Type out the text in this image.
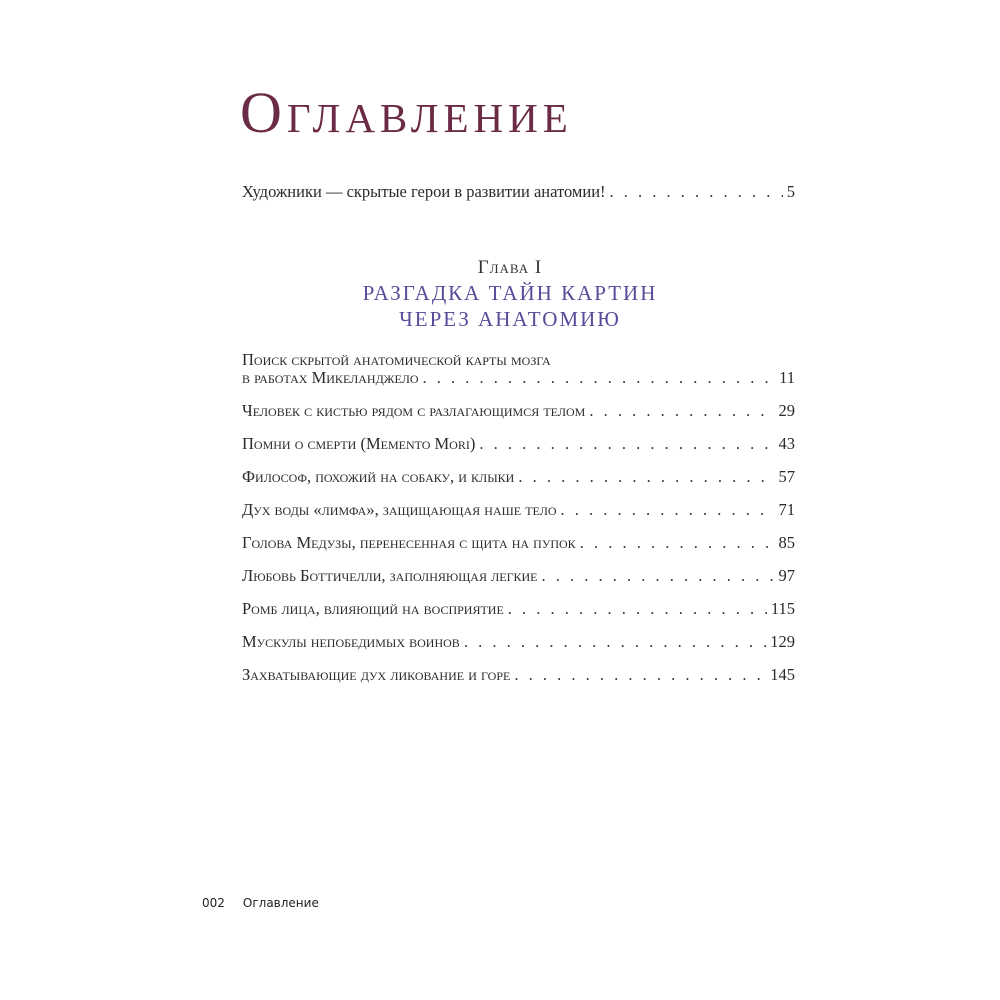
Оглавление
Художники — скрытые герои в развитии анатомии! . . .	5
Глава I
РАЗГАДКА ТАЙН КАРТИН
ЧЕРЕЗ АНАТОМИЮ
Поиск скрытой анатомической карты мозга
в работах Микеланджело . . .	11
Человек с кистью рядом с разлагающимся телом . . .	29
Помни о смерти (Memento Mori) . . .	43
Философ, похожий на собаку, и клыки . . .	57
Дух воды «лимфа», защищающая наше тело . . .	71
Голова Медузы, перенесенная с щита на пупок . . .	85
Любовь Боттичелли, заполняющая легкие . . .	97
Ромб лица, влияющий на восприятие . . .	115
Мускулы непобедимых воинов . . .	129
Захватывающие дух ликование и горе . . .	145
002 Оглавление
